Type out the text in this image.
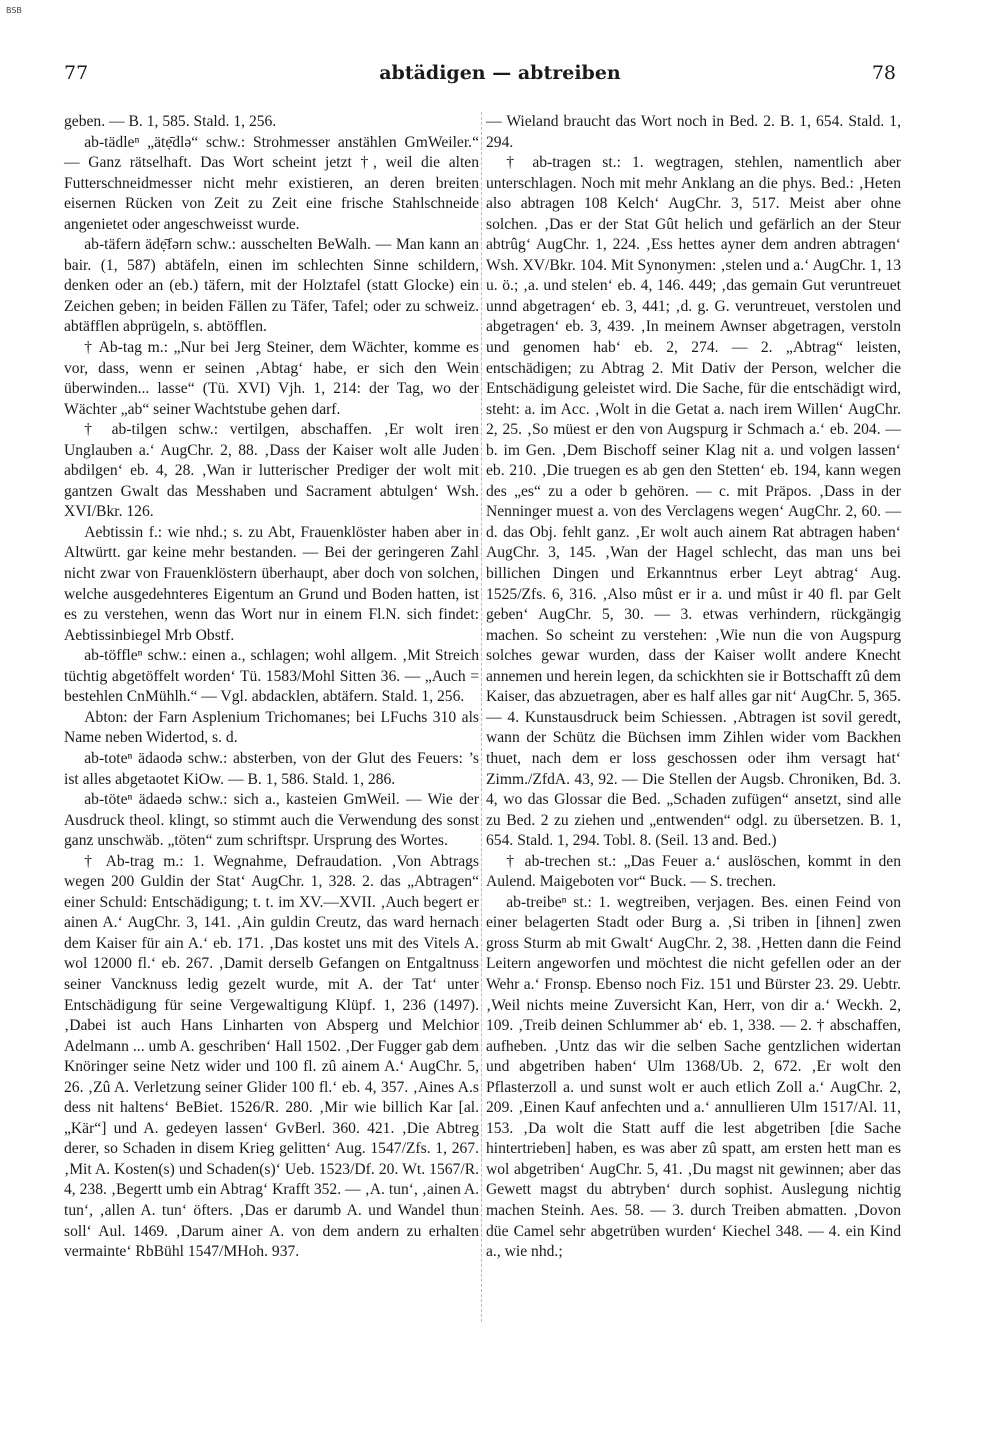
BSB
77	abtädigen — abtreiben	78

geben. — B. 1, 585. Stald. 1, 256.

ab-tädleⁿ „ätẹ̄dlə“ schw.: Strohmesser anstählen GmWeiler.“ — Ganz rätselhaft. Das Wort scheint jetzt †, weil die alten Futterschneidmesser nicht mehr existieren, an deren breiten eisernen Rücken von Zeit zu Zeit eine frische Stahlschneide angenietet oder angeschweisst wurde.

ab-täfern ädẹ̄fərn schw.: ausschelten BeWalh. — Man kann an bair. (1, 587) abtäfeln, einen im schlechten Sinne schildern, denken oder an (eb.) täfern, mit der Holztafel (statt Glocke) ein Zeichen geben; in beiden Fällen zu Täfer, Tafel; oder zu schweiz. abtäfflen abprügeln, s. abtöfflen.

† Ab-tag m.: „Nur bei Jerg Steiner, dem Wächter, komme es vor, dass, wenn er seinen ‚Abtag‘ habe, er sich den Wein überwinden... lasse“ (Tü. XVI) Vjh. 1, 214: der Tag, wo der Wächter „ab“ seiner Wachtstube gehen darf.

† ab-tilgen schw.: vertilgen, abschaffen. ‚Er wolt iren Unglauben a.‘ AugChr. 2, 88. ‚Dass der Kaiser wolt alle Juden abdilgen‘ eb. 4, 28. ‚Wan ir lutterischer Prediger der wolt mit gantzen Gwalt das Messhaben und Sacrament abtulgen‘ Wsh. XVI/Bkr. 126.

Aebtissin f.: wie nhd.; s. zu Abt, Frauenklöster haben aber in Altwürtt. gar keine mehr bestanden. — Bei der geringeren Zahl nicht zwar von Frauenklöstern überhaupt, aber doch von solchen, welche ausgedehnteres Eigentum an Grund und Boden hatten, ist es zu verstehen, wenn das Wort nur in einem Fl.N. sich findet: Aebtissinbiegel Mrb Obstf.

ab-töffleⁿ schw.: einen a., schlagen; wohl allgem. ‚Mit Streich tüchtig abgetöffelt worden‘ Tü. 1583/Mohl Sitten 36. — „Auch = bestehlen CnMühlh.“ — Vgl. abdacklen, abtäfern. Stald. 1, 256.

Abton: der Farn Asplenium Trichomanes; bei LFuchs 310 als Name neben Widertod, s. d.

ab-toteⁿ ädaodə schw.: absterben, von der Glut des Feuers: ’s ist alles abgetaotet KiOw. — B. 1, 586. Stald. 1, 286.

ab-töteⁿ ädaedə schw.: sich a., kasteien GmWeil. — Wie der Ausdruck theol. klingt, so stimmt auch die Verwendung des sonst ganz unschwäb. „töten“ zum schriftspr. Ursprung des Wortes.

† Ab-trag m.: 1. Wegnahme, Defraudation. ‚Von Abtrags wegen 200 Guldin der Stat‘ AugChr. 1, 328. 2. das „Abtragen“ einer Schuld: Entschädigung; t. t. im XV.—XVII. ‚Auch begert er ainen A.‘ AugChr. 3, 141. ‚Ain guldin Creutz, das ward hernach dem Kaiser für ain A.‘ eb. 171. ‚Das kostet uns mit des Vitels A. wol 12000 fl.‘ eb. 267. ‚Damit derselb Gefangen on Entgaltnuss seiner Vancknuss ledig gezelt wurde, mit A. der Tat‘ unter Entschädigung für seine Vergewaltigung Klüpf. 1, 236 (1497). ‚Dabei ist auch Hans Linharten von Absperg und Melchior Adelmann ... umb A. geschriben‘ Hall 1502. ‚Der Fugger gab dem Knöringer seine Netz wider und 100 fl. zû ainem A.‘ AugChr. 5, 26. ‚Zû A. Verletzung seiner Glider 100 fl.‘ eb. 4, 357. ‚Aines A.s dess nit haltens‘ BeBiet. 1526/R. 280. ‚Mir wie billich Kar [al. „Kär“] und A. gedeyen lassen‘ GvBerl. 360. 421. ‚Die Abtreg derer, so Schaden in disem Krieg gelitten‘ Aug. 1547/Zfs. 1, 267. ‚Mit A. Kosten(s) und Schaden(s)‘ Ueb. 1523/Df. 20. Wt. 1567/R. 4, 238. ‚Begertt umb ein Abtrag‘ Krafft 352. — ‚A. tun‘, ‚ainen A. tun‘, ‚allen A. tun‘ öfters. ‚Das er darumb A. und Wandel thun soll‘ Aul. 1469. ‚Darum ainer A. von dem andern zu erhalten vermainte‘ RbBühl 1547/MHoh. 937.

— Wieland braucht das Wort noch in Bed. 2. B. 1, 654. Stald. 1, 294.

† ab-tragen st.: 1. wegtragen, stehlen, namentlich aber unterschlagen. Noch mit mehr Anklang an die phys. Bed.: ‚Heten also abtragen 108 Kelch‘ AugChr. 3, 517. Meist aber ohne solchen. ‚Das er der Stat Gût helich und gefärlich an der Steur abtrûg‘ AugChr. 1, 224. ‚Ess hettes ayner dem andren abtragen‘ Wsh. XV/Bkr. 104. Mit Synonymen: ‚stelen und a.‘ AugChr. 1, 13 u. ö.; ‚a. und stelen‘ eb. 4, 146. 449; ‚das gemain Gut veruntreuet unnd abgetragen‘ eb. 3, 441; ‚d. g. G. veruntreuet, verstolen und abgetragen‘ eb. 3, 439. ‚In meinem Awnser abgetragen, verstoln und genomen hab‘ eb. 2, 274. — 2. „Abtrag“ leisten, entschädigen; zu Abtrag 2. Mit Dativ der Person, welcher die Entschädigung geleistet wird. Die Sache, für die entschädigt wird, steht: a. im Acc. ‚Wolt in die Getat a. nach irem Willen‘ AugChr. 2, 25. ‚So müest er den von Augspurg ir Schmach a.‘ eb. 204. — b. im Gen. ‚Dem Bischoff seiner Klag nit a. und volgen lassen‘ eb. 210. ‚Die truegen es ab gen den Stetten‘ eb. 194, kann wegen des „es“ zu a oder b gehören. — c. mit Präpos. ‚Dass in der Nenninger muest a. von des Verclagens wegen‘ AugChr. 2, 60. — d. das Obj. fehlt ganz. ‚Er wolt auch ainem Rat abtragen haben‘ AugChr. 3, 145. ‚Wan der Hagel schlecht, das man uns bei billichen Dingen und Erkanntnus erber Leyt abtrag‘ Aug. 1525/Zfs. 6, 316. ‚Also mûst er ir a. und mûst ir 40 fl. par Gelt geben‘ AugChr. 5, 30. — 3. etwas verhindern, rückgängig machen. So scheint zu verstehen: ‚Wie nun die von Augspurg solches gewar wurden, dass der Kaiser wollt andere Knecht annemen und herein legen, da schickhten sie ir Bottschafft zû dem Kaiser, das abzuetragen, aber es half alles gar nit‘ AugChr. 5, 365. — 4. Kunstausdruck beim Schiessen. ‚Abtragen ist sovil geredt, wann der Schütz die Büchsen imm Zihlen wider vom Backhen thuet, nach dem er loss geschossen oder ihm versagt hat‘ Zimm./ZfdA. 43, 92. — Die Stellen der Augsb. Chroniken, Bd. 3. 4, wo das Glossar die Bed. „Schaden zufügen“ ansetzt, sind alle zu Bed. 2 zu ziehen und „entwenden“ odgl. zu übersetzen. B. 1, 654. Stald. 1, 294. Tobl. 8. (Seil. 13 and. Bed.)

† ab-trechen st.: „Das Feuer a.‘ auslöschen, kommt in den Aulend. Maigeboten vor“ Buck. — S. trechen.

ab-treibeⁿ st.: 1. wegtreiben, verjagen. Bes. einen Feind von einer belagerten Stadt oder Burg a. ‚Si triben in [ihnen] zwen gross Sturm ab mit Gwalt‘ AugChr. 2, 38. ‚Hetten dann die Feind Leitern angeworfen und möchtest die nicht gefellen oder an der Wehr a.‘ Fronsp. Ebenso noch Fiz. 151 und Bürster 23. 29. Uebtr. ‚Weil nichts meine Zuversicht Kan, Herr, von dir a.‘ Weckh. 2, 109. ‚Treib deinen Schlummer ab‘ eb. 1, 338. — 2. † abschaffen, aufheben. ‚Untz das wir die selben Sache gentzlichen widertan und abgetriben haben‘ Ulm 1368/Ub. 2, 672. ‚Er wolt den Pflasterzoll a. und sunst wolt er auch etlich Zoll a.‘ AugChr. 2, 209. ‚Einen Kauf anfechten und a.‘ annullieren Ulm 1517/Al. 11, 153. ‚Da wolt die Statt auff die lest abgetriben [die Sache hintertrieben] haben, es was aber zû spatt, am ersten hett man es wol abgetriben‘ AugChr. 5, 41. ‚Du magst nit gewinnen; aber das Gewett magst du abtryben‘ durch sophist. Auslegung nichtig machen Steinh. Aes. 58. — 3. durch Treiben abmatten. ‚Dovon düe Camel sehr abgetrüben wurden‘ Kiechel 348. — 4. ein Kind a., wie nhd.;
